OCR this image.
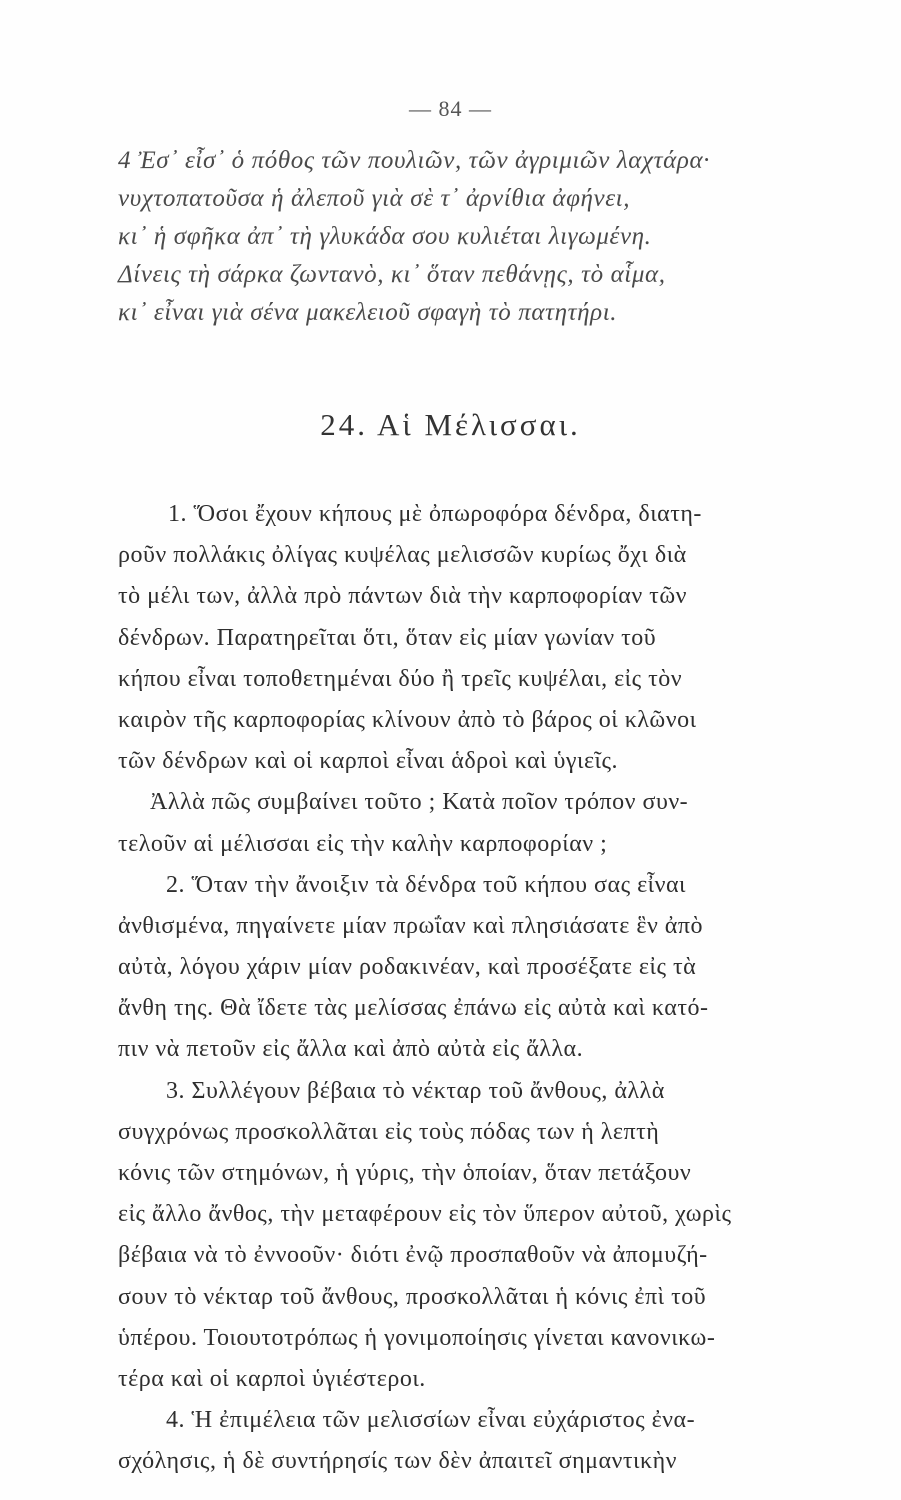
— 84 —
4 Ἐσ᾽ εἶσ᾽ ὁ πόθος τῶν πουλιῶν, τῶν ἀγριμιῶν λαχτάρα·
νυχτοπατοῦσα ἡ ἀλεποῦ γιὰ σὲ τ᾽ ἀρνίθια ἀφήνει,
κι᾽ ἡ σφῆκα ἀπ᾽ τὴ γλυκάδα σου κυλιέται λιγωμένη.
Δίνεις τὴ σάρκα ζωντανὸ, κι᾽ ὅταν πεθάνῃς, τὸ αἷμα,
κι᾽ εἶναι γιὰ σένα μακελειοῦ σφαγὴ τὸ πατητήρι.
24. Αἱ Μέλισσαι.
1. Ὅσοι ἔχουν κήπους μὲ ὀπωροφόρα δένδρα, διατη-
ροῦν πολλάκις ὀλίγας κυψέλας μελισσῶν κυρίως ὄχι διὰ
τὸ μέλι των, ἀλλὰ πρὸ πάντων διὰ τὴν καρποφορίαν τῶν
δένδρων. Παρατηρεῖται ὅτι, ὅταν εἰς μίαν γωνίαν τοῦ
κήπου εἶναι τοποθετημέναι δύο ἢ τρεῖς κυψέλαι, εἰς τὸν
καιρὸν τῆς καρποφορίας κλίνουν ἀπὸ τὸ βάρος οἱ κλῶνοι
τῶν δένδρων καὶ οἱ καρποὶ εἶναι ἁδροὶ καὶ ὑγιεῖς.
Ἀλλὰ πῶς συμβαίνει τοῦτο ; Κατὰ ποῖον τρόπον συν-
τελοῦν αἱ μέλισσαι εἰς τὴν καλὴν καρποφορίαν ;
2. Ὅταν τὴν ἄνοιξιν τὰ δένδρα τοῦ κήπου σας εἶναι
ἀνθισμένα, πηγαίνετε μίαν πρωΐαν καὶ πλησιάσατε ἓν ἀπὸ
αὐτὰ, λόγου χάριν μίαν ροδακινέαν, καὶ προσέξατε εἰς τὰ
ἄνθη της. Θὰ ἴδετε τὰς μελίσσας ἐπάνω εἰς αὐτὰ καὶ κατό-
πιν νὰ πετοῦν εἰς ἄλλα καὶ ἀπὸ αὐτὰ εἰς ἄλλα.
3. Συλλέγουν βέβαια τὸ νέκταρ τοῦ ἄνθους, ἀλλὰ
συγχρόνως προσκολλᾶται εἰς τοὺς πόδας των ἡ λεπτὴ
κόνις τῶν στημόνων, ἡ γύρις, τὴν ὁποίαν, ὅταν πετάξουν
εἰς ἄλλο ἄνθος, τὴν μεταφέρουν εἰς τὸν ὕπερον αὐτοῦ, χωρὶς
βέβαια νὰ τὸ ἐννοοῦν· διότι ἐνῷ προσπαθοῦν νὰ ἀπομυζή-
σουν τὸ νέκταρ τοῦ ἄνθους, προσκολλᾶται ἡ κόνις ἐπὶ τοῦ
ὑπέρου. Τοιουτοτρόπως ἡ γονιμοποίησις γίνεται κανονικω-
τέρα καὶ οἱ καρποὶ ὑγιέστεροι.
4. Ἡ ἐπιμέλεια τῶν μελισσίων εἶναι εὐχάριστος ἐνα-
σχόλησις, ἡ δὲ συντήρησίς των δὲν ἀπαιτεῖ σημαντικὴν
